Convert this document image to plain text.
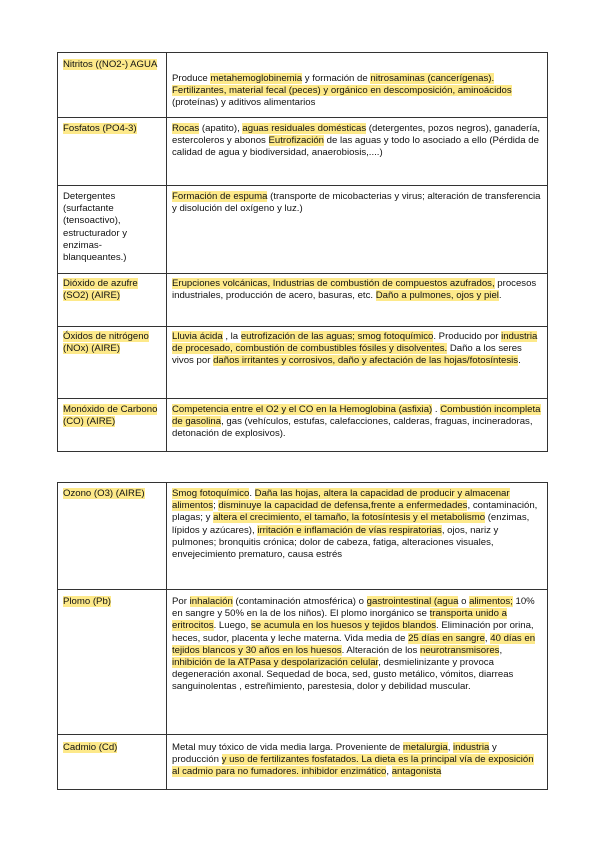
Nitritos ((NO2-) AGUA	Produce metahemoglobinemia y formación de nitrosaminas (cancerígenas). Fertilizantes, material fecal (peces) y orgánico en descomposición, aminoácidos (proteínas) y aditivos alimentarios
Fosfatos (PO4-3)	Rocas (apatito), aguas residuales domésticas (detergentes, pozos negros), ganadería, estercoleros y abonos Eutrofización de las aguas y todo lo asociado a ello (Pérdida de calidad de agua y biodiversidad, anaerobiosis,....)
Detergentes (surfactante (tensoactivo), estructurador y enzimas-blanqueantes.)	Formación de espuma (transporte de micobacterias y virus; alteración de transferencia y disolución del oxígeno y luz.)
Dióxido de azufre (SO2) (AIRE)	Erupciones volcánicas, Industrias de combustión de compuestos azufrados, procesos industriales, producción de acero, basuras, etc. Daño a pulmones, ojos y piel.
Óxidos de nitrógeno (NOx) (AIRE)	Lluvia ácida , la eutrofización de las aguas; smog fotoquímico. Producido por industria de procesado, combustión de combustibles fósiles y disolventes. Daño a los seres vivos por daños irritantes y corrosivos, daño y afectación de las hojas/fotosíntesis.
Monóxido de Carbono (CO) (AIRE)	Competencia entre el O2 y el CO en la Hemoglobina (asfixia) . Combustión incompleta de gasolina, gas (vehículos, estufas, calefacciones, calderas, fraguas, incineradoras, detonación de explosivos).
Ozono (O3) (AIRE)	Smog fotoquímico. Daña las hojas, altera la capacidad de producir y almacenar alimentos; disminuye la capacidad de defensa,frente a enfermedades, contaminación, plagas; y altera el crecimiento, el tamaño, la fotosíntesis y el metabolismo (enzimas, lípidos y azúcares), irritación e inflamación de vías respiratorias, ojos, nariz y pulmones; bronquitis crónica; dolor de cabeza, fatiga, alteraciones visuales, envejecimiento prematuro, causa estrés
Plomo (Pb)	Por inhalación (contaminación atmosférica) o gastrointestinal (agua o alimentos; 10% en sangre y 50% en la de los niños). El plomo inorgánico se transporta unido a eritrocitos. Luego, se acumula en los huesos y tejidos blandos. Eliminación por orina, heces, sudor, placenta y leche materna. Vida media de 25 días en sangre, 40 días en tejidos blancos y 30 años en los huesos. Alteración de los neurotransmisores, inhibición de la ATPasa y despolarización celular, desmielinizante y provoca degeneración axonal. Sequedad de boca, sed, gusto metálico, vómitos, diarreas sanguinolentas , estreñimiento, parestesia, dolor y debilidad muscular.
Cadmio (Cd)	Metal muy tóxico de vida media larga. Proveniente de metalurgia, industria y producción y uso de fertilizantes fosfatados. La dieta es la principal vía de exposición al cadmio para no fumadores. inhibidor enzimático, antagonista
